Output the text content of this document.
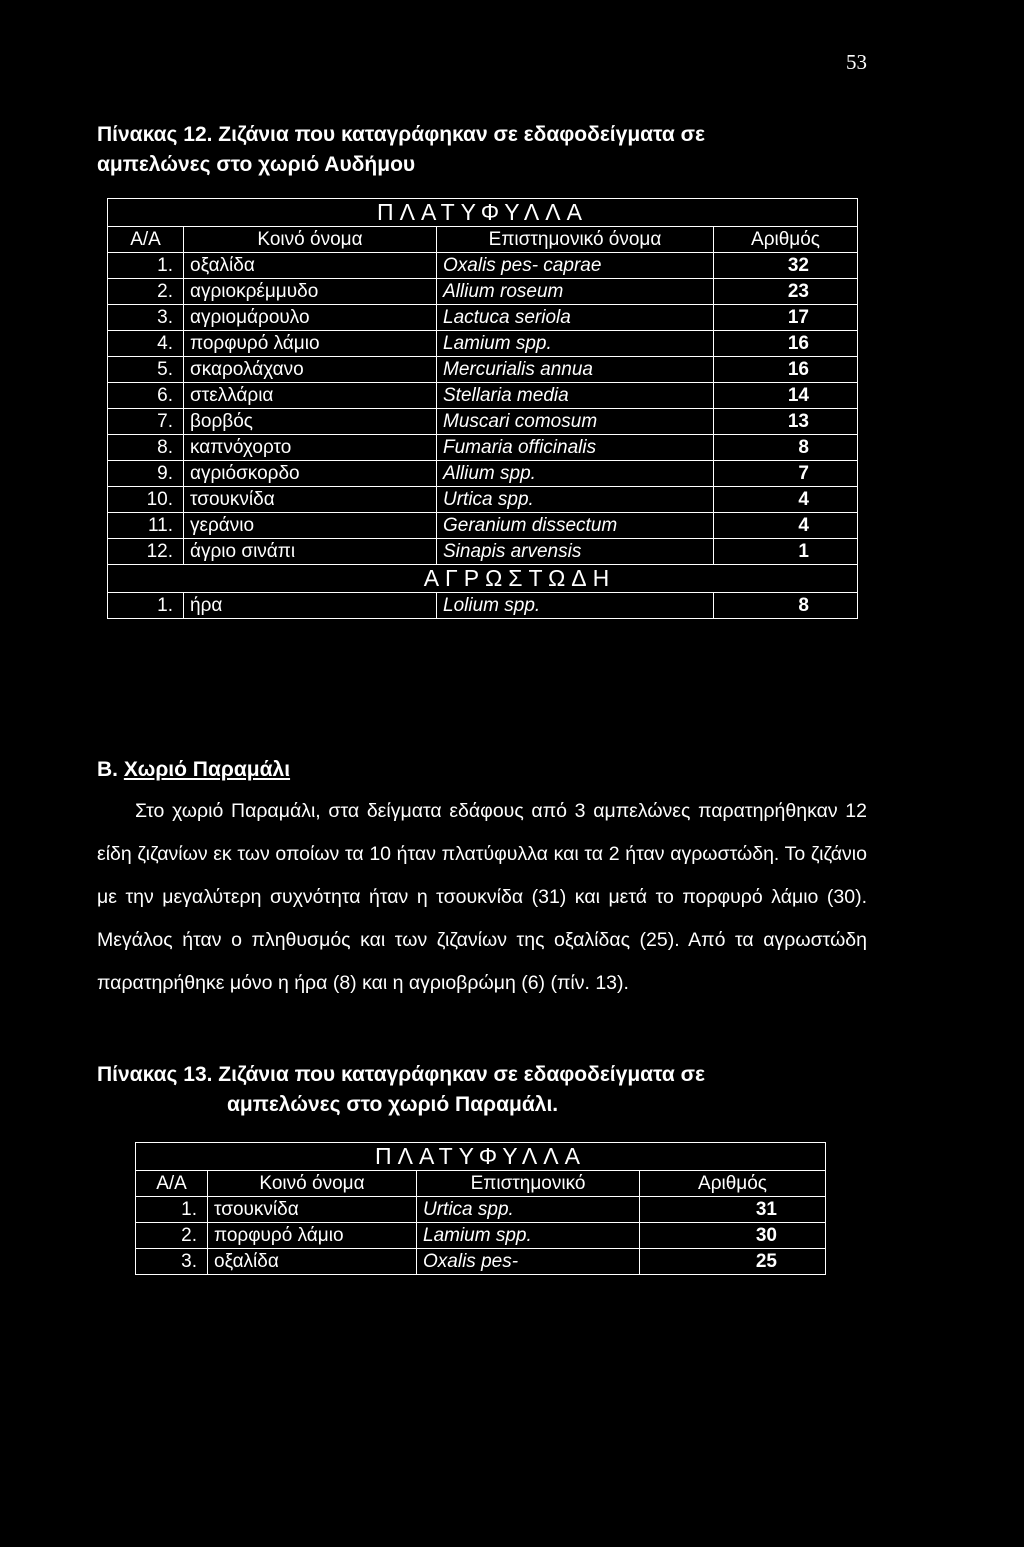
53
Πίνακας 12. Ζιζάνια που καταγράφηκαν σε εδαφοδείγματα σε
αμπελώνες στο χωριό Αυδήμου
ΠΛΑΤΥΦΥΛΛΑ			
Α/Α	Κοινό όνομα	Επιστημονικό όνομα	Αριθμός
1.	οξαλίδα	Oxalis pes- caprae	32
2.	αγριοκρέμμυδο	Allium roseum	23
3.	αγριομάρουλο	Lactuca seriola	17
4.	πορφυρό λάμιο	Lamium spp.	16
5.	σκαρολάχανο	Mercurialis annua	16
6.	στελλάρια	Stellaria media	14
7.	βορβός	Muscari comosum	13
8.	καπνόχορτο	Fumaria officinalis	8
9.	αγριόσκορδο	Allium spp.	7
10.	τσουκνίδα	Urtica spp.	4
11.	γεράνιο	Geranium dissectum	4
12.	άγριο σινάπι	Sinapis arvensis	1
ΑΓΡΩΣΤΩΔΗ			
1.	ήρα	Lolium spp.	8
Β. Χωριό Παραμάλι
Στο χωριό Παραμάλι, στα δείγματα εδάφους από 3 αμπελώνες παρατηρήθηκαν 12 είδη ζιζανίων εκ των οποίων τα 10 ήταν πλατύφυλλα και τα 2 ήταν αγρωστώδη. Το ζιζάνιο με την μεγαλύτερη συχνότητα ήταν η τσουκνίδα (31) και μετά το πορφυρό λάμιο (30). Μεγάλος ήταν ο πληθυσμός και των ζιζανίων της οξαλίδας (25). Από τα αγρωστώδη παρατηρήθηκε μόνο η ήρα (8) και η αγριοβρώμη (6) (πίν. 13).
Πίνακας 13. Ζιζάνια που καταγράφηκαν σε εδαφοδείγματα σε
αμπελώνες στο χωριό Παραμάλι.
ΠΛΑΤΥΦΥΛΛΑ			
Α/Α	Κοινό όνομα	Επιστημονικό	Αριθμός
1.	τσουκνίδα	Urtica spp.	31
2.	πορφυρό λάμιο	Lamium spp.	30
3.	οξαλίδα	Oxalis pes-	25
